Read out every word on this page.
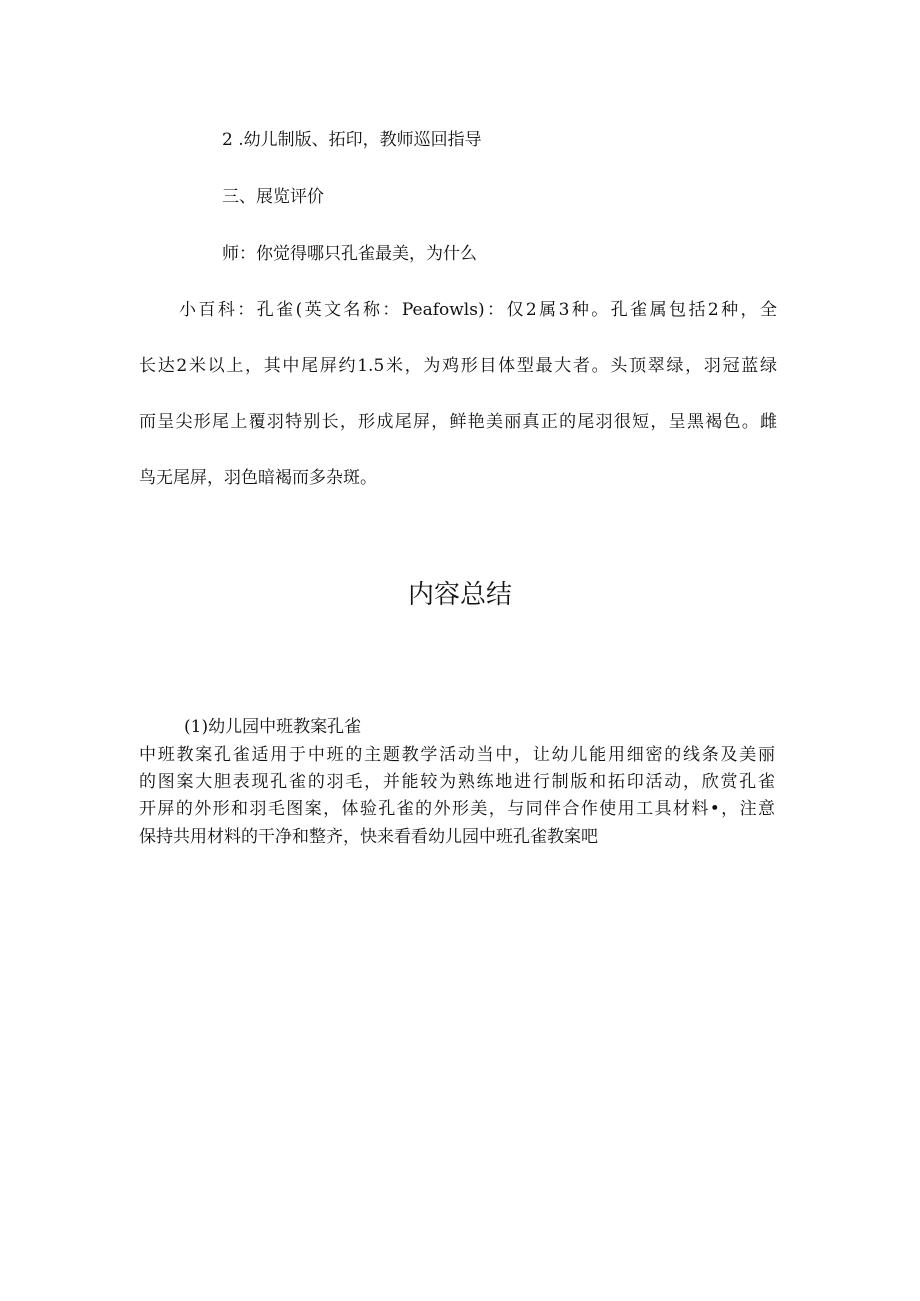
2 .幼儿制版、拓印，教师巡回指导

三、展览评价

师：你觉得哪只孔雀最美，为什么

小百科：孔雀(英文名称：Peafowls)：仅2属3种。孔雀属包括2种，全

长达2米以上，其中尾屏约1.5米，为鸡形目体型最大者。头顶翠绿，羽冠蓝绿

而呈尖形尾上覆羽特别长，形成尾屏，鲜艳美丽真正的尾羽很短，呈黑褐色。雌

鸟无尾屏，羽色暗褐而多杂斑。

内容总结

(1)幼儿园中班教案孔雀

中班教案孔雀适用于中班的主题教学活动当中，让幼儿能用细密的线条及美丽

的图案大胆表现孔雀的羽毛，并能较为熟练地进行制版和拓印活动，欣赏孔雀

开屏的外形和羽毛图案，体验孔雀的外形美，与同伴合作使用工具材料•，注意

保持共用材料的干净和整齐，快来看看幼儿园中班孔雀教案吧
